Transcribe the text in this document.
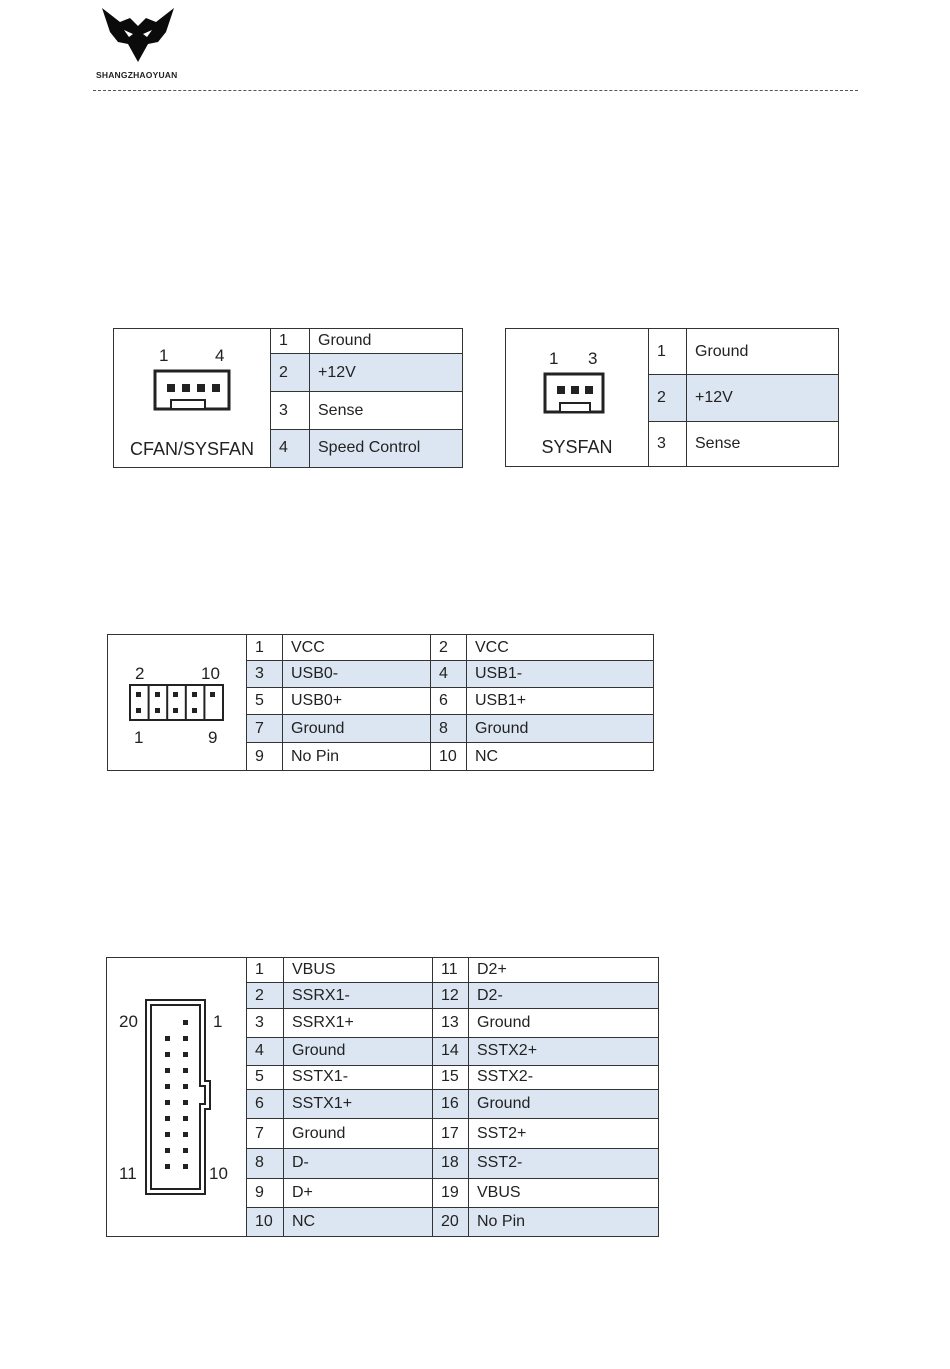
SHANGZHAOYUAN
1 4
CFAN/SYSFAN	1	Ground
	2	+12V
	3	Sense
	4	Speed Control
1 3
SYSFAN	1	Ground
	2	+12V
	3	Sense
2 10
1 9	1	VCC	2	VCC
	3	USB0-	4	USB1-
	5	USB0+	6	USB1+
	7	Ground	8	Ground
	9	No Pin	10	NC
20 1
11 10	1	VBUS	11	D2+
	2	SSRX1-	12	D2-
	3	SSRX1+	13	Ground
	4	Ground	14	SSTX2+
	5	SSTX1-	15	SSTX2-
	6	SSTX1+	16	Ground
	7	Ground	17	SST2+
	8	D-	18	SST2-
	9	D+	19	VBUS
	10	NC	20	No Pin
